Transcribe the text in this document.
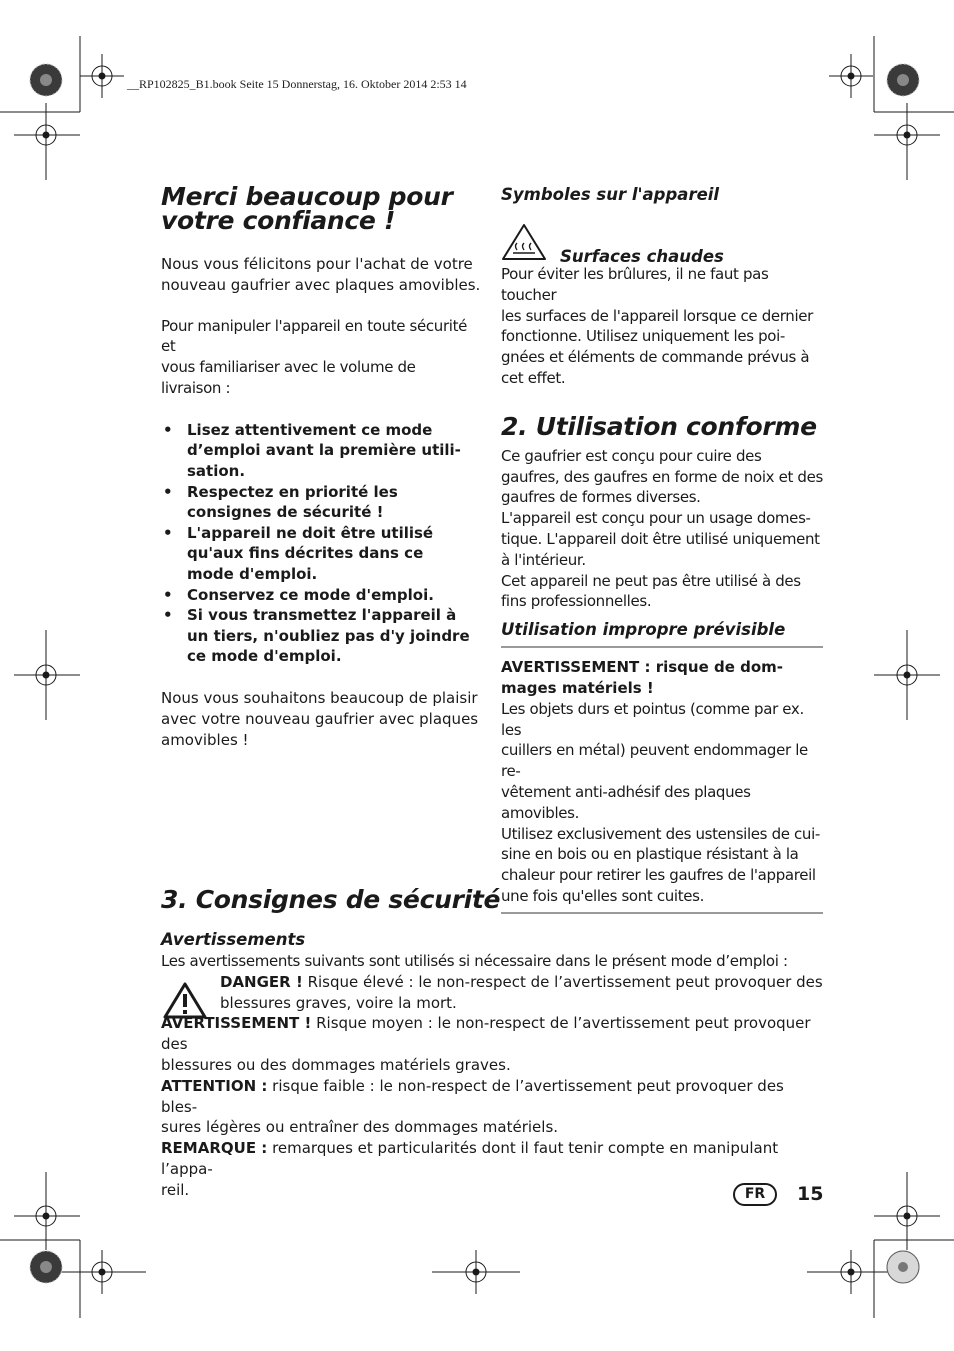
__RP102825_B1.book Seite 15 Donnerstag, 16. Oktober 2014 2:53 14
Merci beaucoup pour
votre confiance !

Nous vous félicitons pour l'achat de votre
nouveau gaufrier avec plaques amovibles.

Pour manipuler l'appareil en toute sécurité et
vous familiariser avec le volume de
livraison :

• Lisez attentivement ce mode
d’emploi avant la première utili-
sation.
• Respectez en priorité les
consignes de sécurité !
• L'appareil ne doit être utilisé
qu'aux fins décrites dans ce
mode d'emploi.
• Conservez ce mode d'emploi.
• Si vous transmettez l'appareil à
un tiers, n'oubliez pas d'y joindre
ce mode d'emploi.

Nous vous souhaitons beaucoup de plaisir
avec votre nouveau gaufrier avec plaques
amovibles !

Symboles sur l'appareil
Surfaces chaudes

Pour éviter les brûlures, il ne faut pas toucher
les surfaces de l'appareil lorsque ce dernier
fonctionne. Utilisez uniquement les poi-
gnées et éléments de commande prévus à
cet effet.

2. Utilisation conforme

Ce gaufrier est conçu pour cuire des
gaufres, des gaufres en forme de noix et des
gaufres de formes diverses.
L'appareil est conçu pour un usage domes-
tique. L'appareil doit être utilisé uniquement
à l'intérieur.
Cet appareil ne peut pas être utilisé à des
fins professionnelles.

Utilisation impropre prévisible
AVERTISSEMENT : risque de dom-
mages matériels !

Les objets durs et pointus (comme par ex. les
cuillers en métal) peuvent endommager le re-
vêtement anti-adhésif des plaques amovibles.
Utilisez exclusivement des ustensiles de cui-
sine en bois ou en plastique résistant à la
chaleur pour retirer les gaufres de l'appareil
une fois qu'elles sont cuites.

3. Consignes de sécurité
Avertissements

Les avertissements suivants sont utilisés si nécessaire dans le présent mode d’emploi :

DANGER ! Risque élevé : le non-respect de l’avertissement peut provoquer des
blessures graves, voire la mort.

AVERTISSEMENT ! Risque moyen : le non-respect de l’avertissement peut provoquer des
blessures ou des dommages matériels graves.

ATTENTION : risque faible : le non-respect de l’avertissement peut provoquer des bles-
sures légères ou entraîner des dommages matériels.

REMARQUE : remarques et particularités dont il faut tenir compte en manipulant l’appa-
reil.	FR	15
